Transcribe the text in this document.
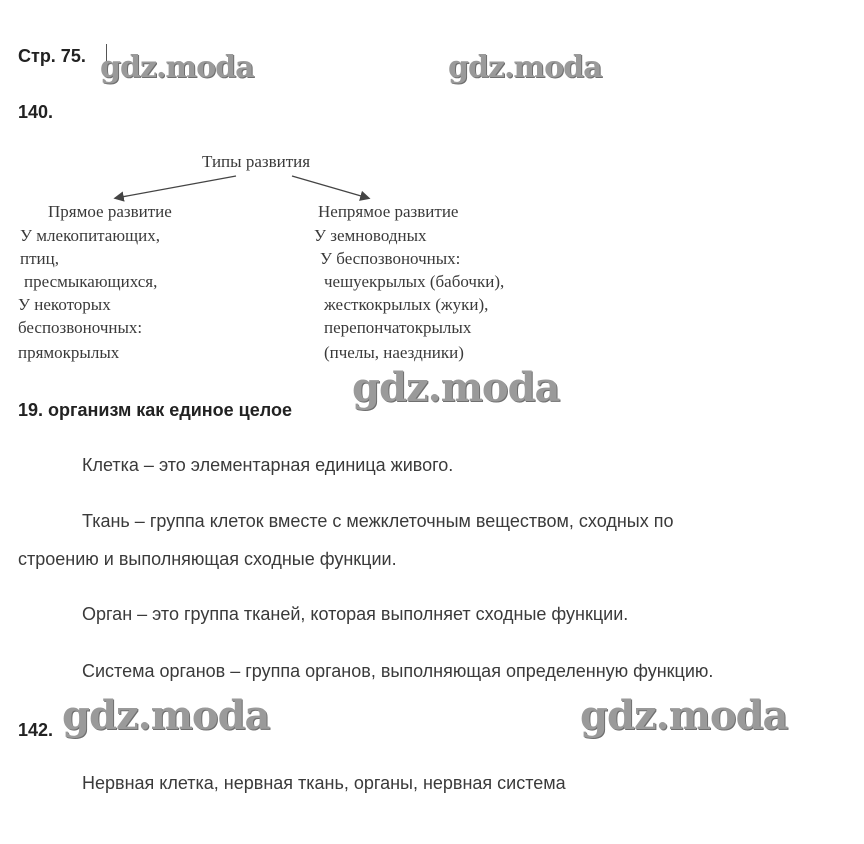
Стр. 75. gdz.moda	gdz.moda
140.
Типы развития
Прямое развитие
У млекопитающих,
птиц,
пресмыкающихся,
У некоторых
беспозвоночных:
прямокрылых
Непрямое развитие
У земноводных
У беспозвоночных:
чешуекрылых (бабочки),
жесткокрылых (жуки),
перепончатокрылых
(пчелы, наездники)
gdz.moda
19. организм как единое целое
Клетка – это элементарная единица живого.
Ткань – группа клеток вместе с межклеточным веществом, сходных по
строению и выполняющая сходные функции.
Орган – это группа тканей, которая выполняет сходные функции.
Система органов – группа органов, выполняющая определенную функцию.
142. gdz.moda	gdz.moda
Нервная клетка, нервная ткань, органы, нервная система
